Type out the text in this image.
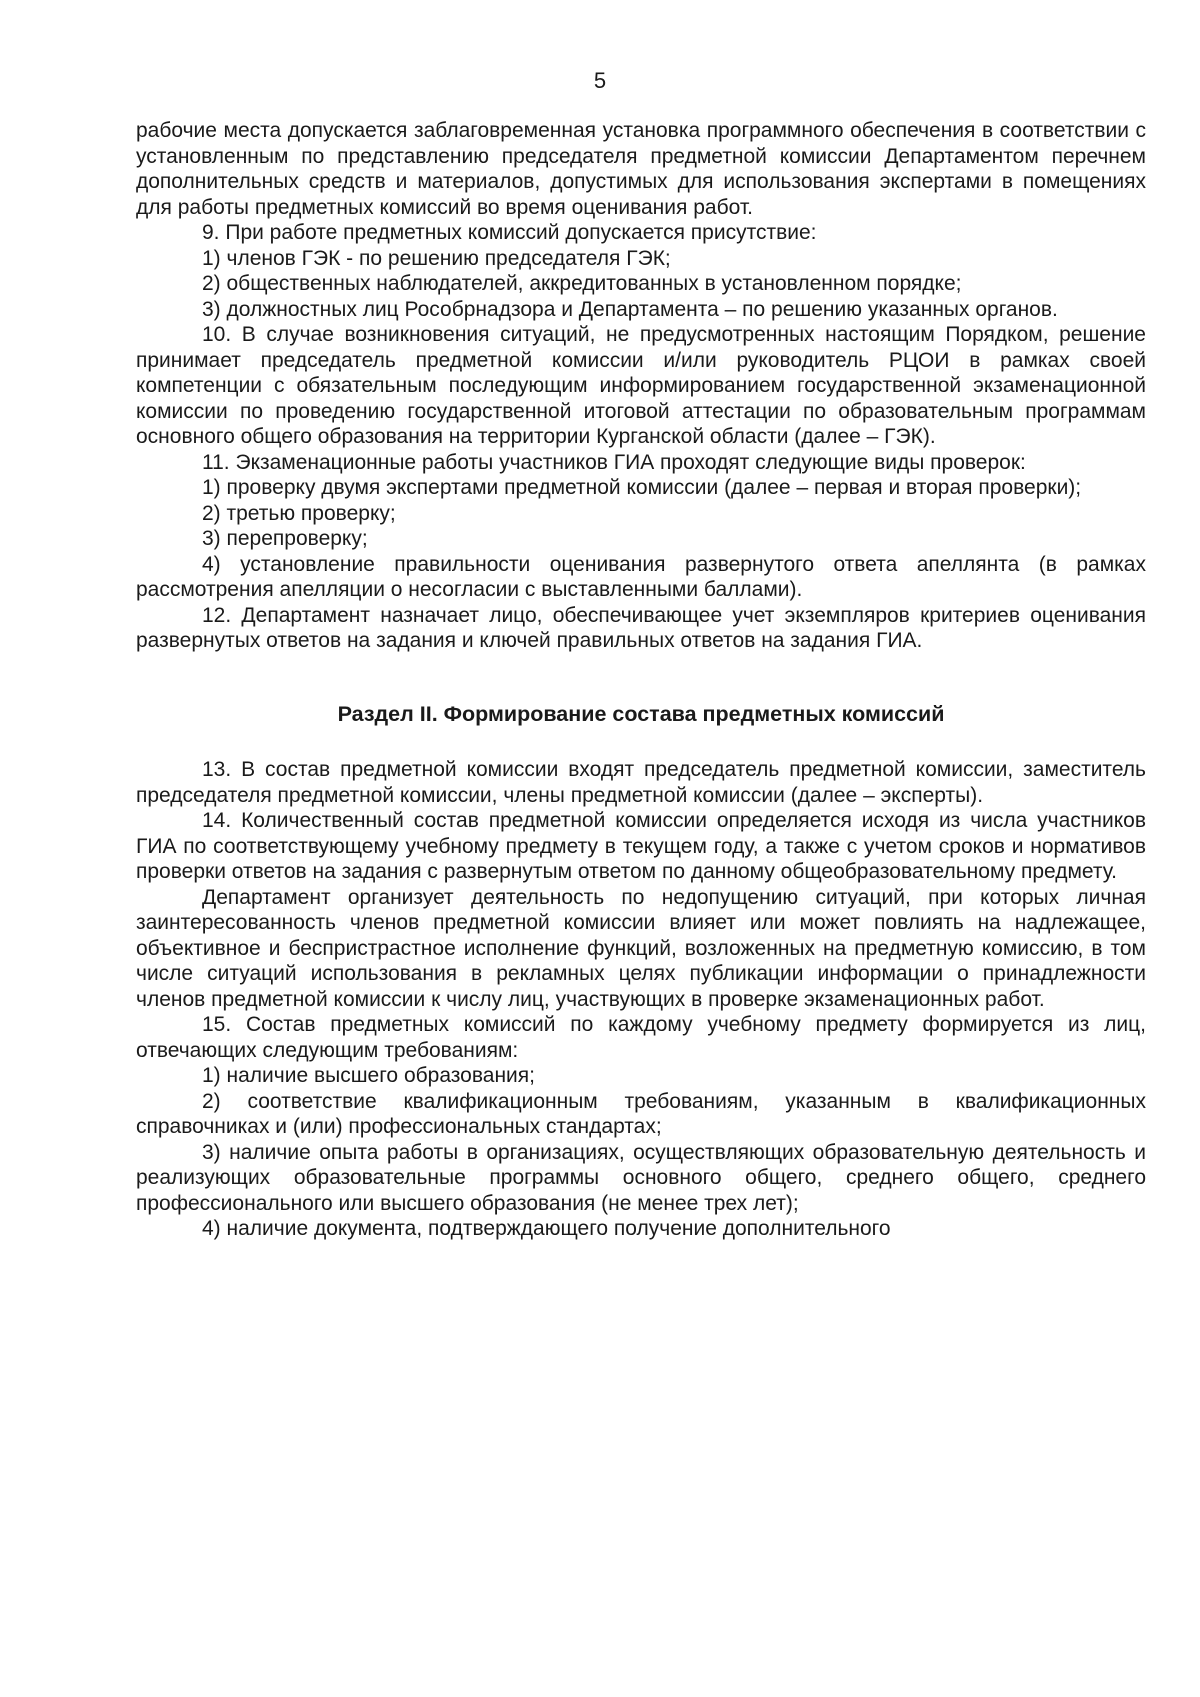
5

рабочие места допускается заблаговременная установка программного обеспечения в соответствии с установленным по представлению председателя предметной комиссии Департаментом перечнем дополнительных средств и материалов, допустимых для использования экспертами в помещениях для работы предметных комиссий во время оценивания работ.

9. При работе предметных комиссий допускается присутствие:

1) членов ГЭК - по решению председателя ГЭК;

2) общественных наблюдателей, аккредитованных в установленном порядке;

3) должностных лиц Рособрнадзора и Департамента – по решению указанных органов.

10. В случае возникновения ситуаций, не предусмотренных настоящим Порядком, решение принимает председатель предметной комиссии и/или руководитель РЦОИ в рамках своей компетенции с обязательным последующим информированием государственной экзаменационной комиссии по проведению государственной итоговой аттестации по образовательным программам основного общего образования на территории Курганской области (далее – ГЭК).

11. Экзаменационные работы участников ГИА проходят следующие виды проверок:

1) проверку двумя экспертами предметной комиссии (далее – первая и вторая проверки);

2) третью проверку;

3) перепроверку;

4) установление правильности оценивания развернутого ответа апеллянта (в рамках рассмотрения апелляции о несогласии с выставленными баллами).

12. Департамент назначает лицо, обеспечивающее учет экземпляров критериев оценивания развернутых ответов на задания и ключей правильных ответов на задания ГИА.

Раздел II. Формирование состава предметных комиссий

13. В состав предметной комиссии входят председатель предметной комиссии, заместитель председателя предметной комиссии, члены предметной комиссии (далее – эксперты).

14. Количественный состав предметной комиссии определяется исходя из числа участников ГИА по соответствующему учебному предмету в текущем году, а также с учетом сроков и нормативов проверки ответов на задания с развернутым ответом по данному общеобразовательному предмету.

Департамент организует деятельность по недопущению ситуаций, при которых личная заинтересованность членов предметной комиссии влияет или может повлиять на надлежащее, объективное и беспристрастное исполнение функций, возложенных на предметную комиссию, в том числе ситуаций использования в рекламных целях публикации информации о принадлежности членов предметной комиссии к числу лиц, участвующих в проверке экзаменационных работ.

15. Состав предметных комиссий по каждому учебному предмету формируется из лиц, отвечающих следующим требованиям:

1) наличие высшего образования;

2) соответствие квалификационным требованиям, указанным в квалификационных справочниках и (или) профессиональных стандартах;

3) наличие опыта работы в организациях, осуществляющих образовательную деятельность и реализующих образовательные программы основного общего, среднего общего, среднего профессионального или высшего образования (не менее трех лет);

4) наличие документа, подтверждающего получение дополнительного
